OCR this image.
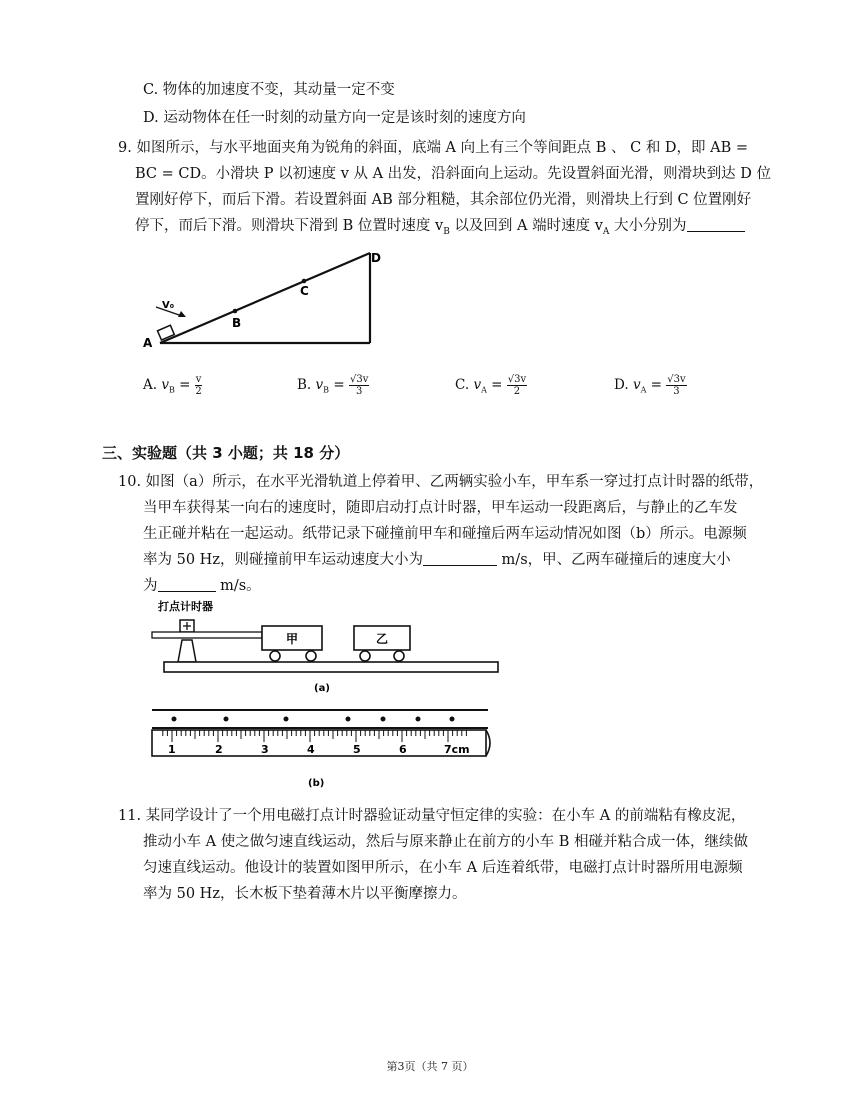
C. 物体的加速度不变，其动量一定不变
D. 运动物体在任一时刻的动量方向一定是该时刻的速度方向
9. 如图所示，与水平地面夹角为锐角的斜面，底端 A 向上有三个等间距点 B 、 C 和 D，即 AB =
BC = CD。小滑块 P 以初速度 v 从 A 出发，沿斜面向上运动。先设置斜面光滑，则滑块到达 D 位
置刚好停下，而后下滑。若设置斜面 AB 部分粗糙，其余部位仍光滑，则滑块上行到 C 位置刚好
停下，而后下滑。则滑块下滑到 B 位置时速度 $v_B$ 以及回到 A 端时速度 $v_A$ 大小分别为
V₀
A
B
C
D
A. $v_B = \frac{v}{2}$	B. $v_B = \frac{√3v}{3}$	C. $v_A = \frac{√3v}{2}$	D. $v_A = \frac{√3v}{3}$
三、实验题（共 3 小题；共 18 分）
10. 如图（a）所示，在水平光滑轨道上停着甲、乙两辆实验小车，甲车系一穿过打点计时器的纸带，
当甲车获得某一向右的速度时，随即启动打点计时器，甲车运动一段距离后，与静止的乙车发
生正碰并粘在一起运动。纸带记录下碰撞前甲车和碰撞后两车运动情况如图（b）所示。电源频
率为 50 Hz，则碰撞前甲车运动速度大小为	m/s，甲、乙两车碰撞后的速度大小
为	m/s。
打点计时器
甲	乙
(a)
1	2	3	4	5	6	7cm
(b)
11. 某同学设计了一个用电磁打点计时器验证动量守恒定律的实验：在小车 A 的前端粘有橡皮泥，
推动小车 A 使之做匀速直线运动，然后与原来静止在前方的小车 B 相碰并粘合成一体，继续做
匀速直线运动。他设计的装置如图甲所示，在小车 A 后连着纸带，电磁打点计时器所用电源频
率为 50 Hz，长木板下垫着薄木片以平衡摩擦力。
第3页（共 7 页）
